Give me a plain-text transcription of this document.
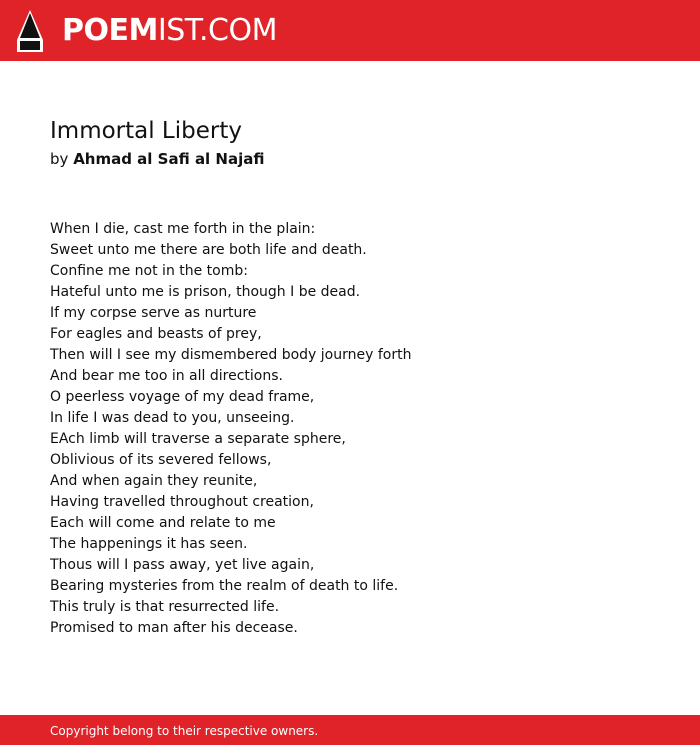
POEMIST.COM
Immortal Liberty
by Ahmad al Safi al Najafi
When I die, cast me forth in the plain:
Sweet unto me there are both life and death.
Confine me not in the tomb:
Hateful unto me is prison, though I be dead.
If my corpse serve as nurture
For eagles and beasts of prey,
Then will I see my dismembered body journey forth
And bear me too in all directions.
O peerless voyage of my dead frame,
In life I was dead to you, unseeing.
EAch limb will traverse a separate sphere,
Oblivious of its severed fellows,
And when again they reunite,
Having travelled throughout creation,
Each will come and relate to me
The happenings it has seen.
Thous will I pass away, yet live again,
Bearing mysteries from the realm of death to life.
This truly is that resurrected life.
Promised to man after his decease.
Copyright belong to their respective owners.
